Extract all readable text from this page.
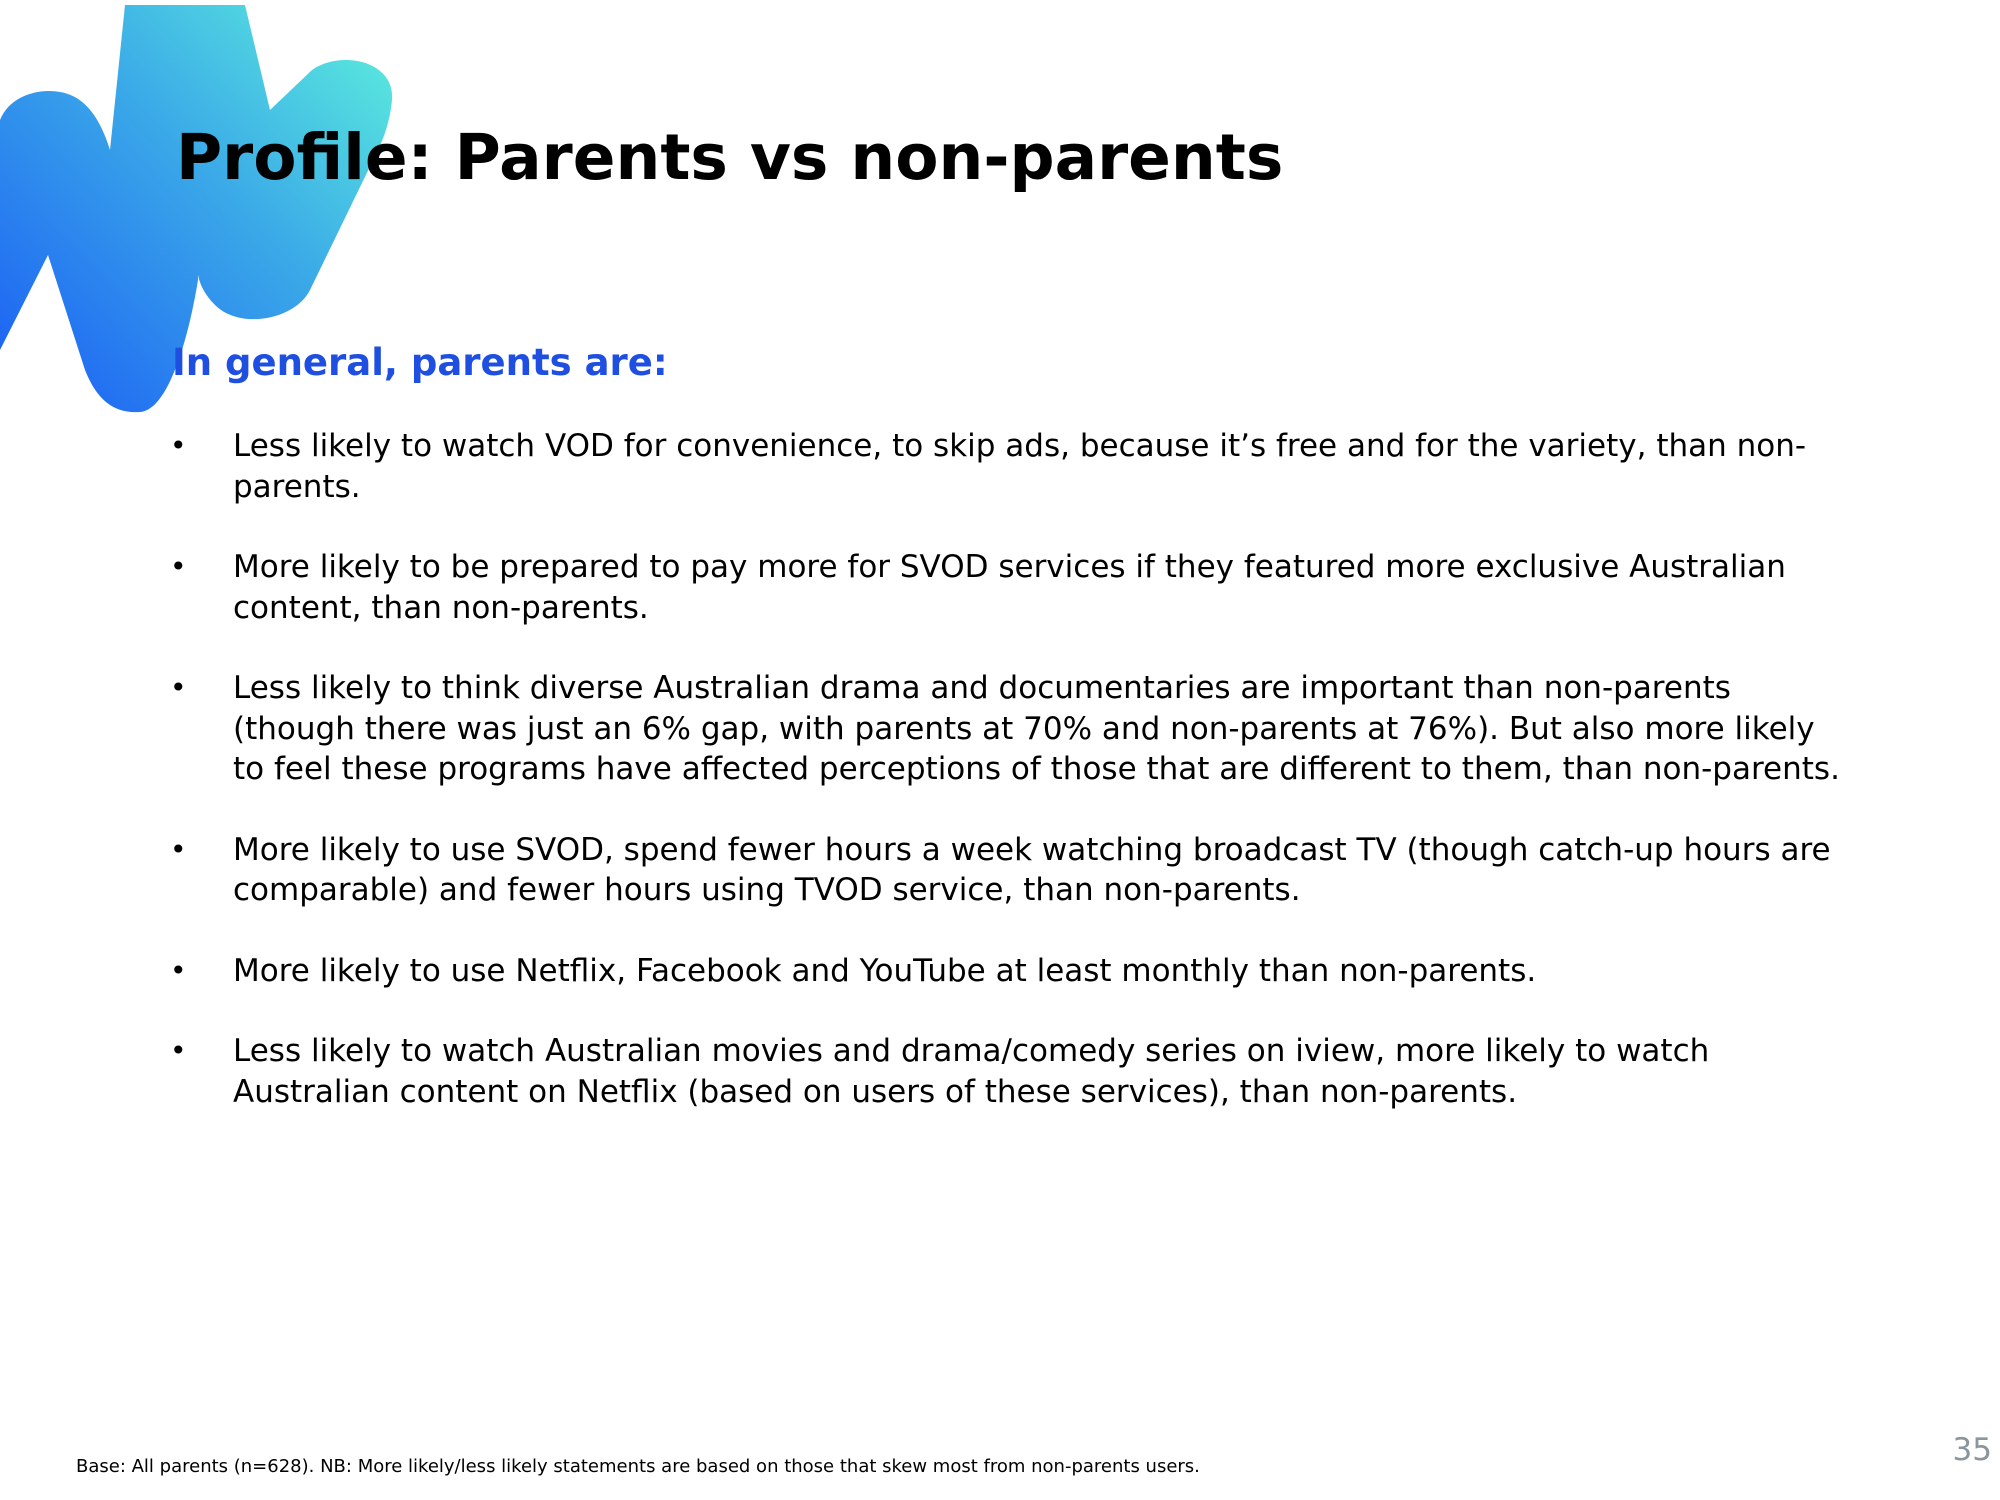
Profile: Parents vs non-parents
In general, parents are:
• Less likely to watch VOD for convenience, to skip ads, because it’s free and for the variety, than non-parents.
• More likely to be prepared to pay more for SVOD services if they featured more exclusive Australian content, than non-parents.
• Less likely to think diverse Australian drama and documentaries are important than non-parents (though there was just an 6% gap, with parents at 70% and non-parents at 76%). But also more likely to feel these programs have affected perceptions of those that are different to them, than non-parents.
• More likely to use SVOD, spend fewer hours a week watching broadcast TV (though catch-up hours are comparable) and fewer hours using TVOD service, than non-parents.
• More likely to use Netflix, Facebook and YouTube at least monthly than non-parents.
• Less likely to watch Australian movies and drama/comedy series on iview, more likely to watch Australian content on Netflix (based on users of these services), than non-parents.
Base: All parents (n=628). NB: More likely/less likely statements are based on those that skew most from non-parents users.	35
